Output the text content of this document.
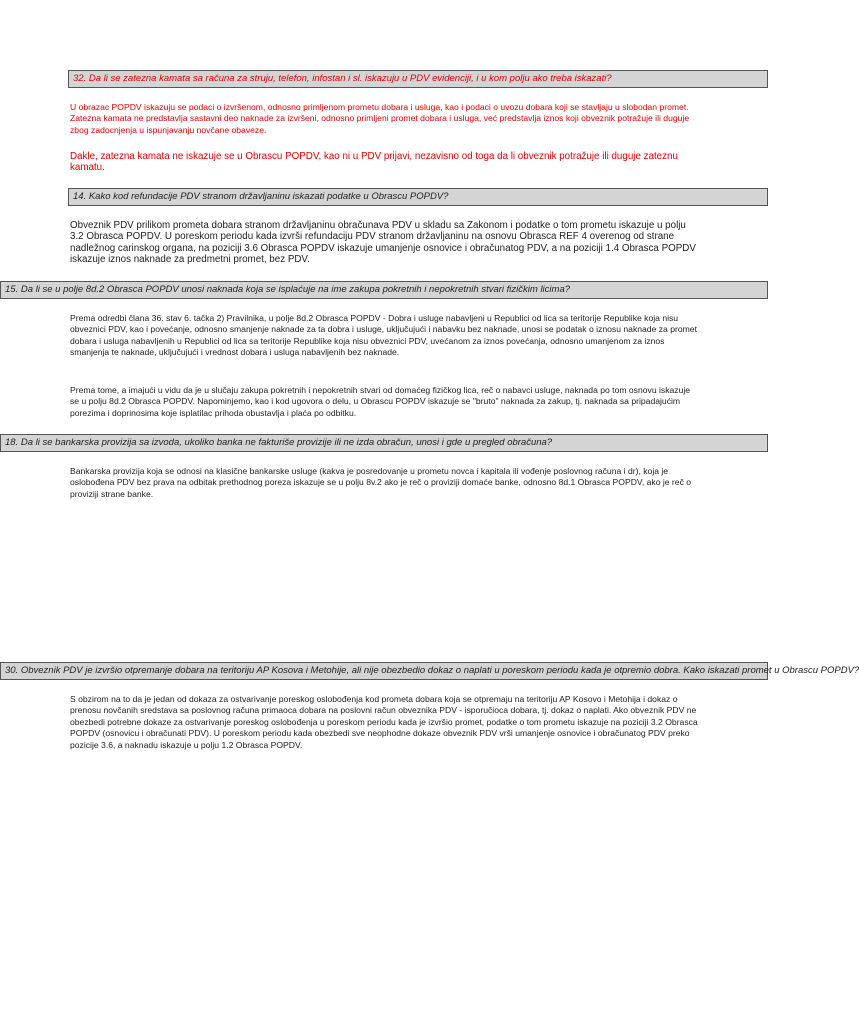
32. Da li se zatezna kamata sa računa za struju, telefon, infostan i sl. iskazuju u PDV evidenciji, i u kom polju ako treba iskazati?

U obrazac POPDV iskazuju se podaci o izvršenom, odnosno primljenom prometu dobara i usluga, kao i podaci o uvozu dobara koji se stavljaju u slobodan promet. Zatezna kamata ne predstavlja sastavni deo naknade za izvršeni, odnosno primljeni promet dobara i usluga, već predstavlja iznos koji obveznik potražuje ili duguje zbog zadocnjenja u ispunjavanju novčane obaveze.

Dakle, zatezna kamata ne iskazuje se u Obrascu POPDV, kao ni u PDV prijavi, nezavisno od toga da li obveznik potražuje ili duguje zateznu kamatu.

14. Kako kod refundacije PDV stranom državljaninu iskazati podatke u Obrascu POPDV?

Obveznik PDV prilikom prometa dobara stranom državljaninu obračunava PDV u skladu sa Zakonom i podatke o tom prometu iskazuje u polju 3.2 Obrasca POPDV. U poreskom periodu kada izvrši refundaciju PDV stranom državljaninu na osnovu Obrasca REF 4 overenog od strane nadležnog carinskog organa, na poziciji 3.6 Obrasca POPDV iskazuje umanjenje osnovice i obračunatog PDV, a na poziciji 1.4 Obrasca POPDV iskazuje iznos naknade za predmetni promet, bez PDV.

15. Da li se u polje 8d.2 Obrasca POPDV unosi naknada koja se isplaćuje na ime zakupa pokretnih i nepokretnih stvari fizičkim licima?

Prema odredbi člana 36. stav 6. tačka 2) Pravilnika, u polje 8d.2 Obrasca POPDV - Dobra i usluge nabavljeni u Republici od lica sa teritorije Republike koja nisu obveznici PDV, kao i povećanje, odnosno smanjenje naknade za ta dobra i usluge, uključujući i nabavku bez naknade, unosi se podatak o iznosu naknade za promet dobara i usluga nabavljenih u Republici od lica sa teritorije Republike koja nisu obveznici PDV, uvećanom za iznos povećanja, odnosno umanjenom za iznos smanjenja te naknade, uključujući i vrednost dobara i usluga nabavljenih bez naknade.

Prema tome, a imajući u vidu da je u slučaju zakupa pokretnih i nepokretnih stvari od domaćeg fizičkog lica, reč o nabavci usluge, naknada po tom osnovu iskazuje se u polju 8d.2 Obrasca POPDV. Napominjemo, kao i kod ugovora o delu, u Obrascu POPDV iskazuje se "bruto" naknada za zakup, tj. naknada sa pripadajućim porezima i doprinosima koje isplatilac prihoda obustavlja i plaća po odbitku.

18. Da li se bankarska provizija sa izvoda, ukoliko banka ne fakturiše provizije ili ne izda obračun, unosi i gde u pregled obračuna?

Bankarska provizija koja se odnosi na klasične bankarske usluge (kakva je posredovanje u prometu novca i kapitala ili vođenje poslovnog računa i dr), koja je oslobođena PDV bez prava na odbitak prethodnog poreza iskazuje se u polju 8v.2 ako je reč o proviziji domaće banke, odnosno 8d.1 Obrasca POPDV, ako je reč o proviziji strane banke.

30. Obveznik PDV je izvršio otpremanje dobara na teritoriju AP Kosova i Metohije, ali nije obezbedio dokaz o naplati u poreskom periodu kada je otpremio dobra. Kako iskazati promet u Obrascu POPDV?

S obzirom na to da je jedan od dokaza za ostvarivanje poreskog oslobođenja kod prometa dobara koja se otpremaju na teritoriju AP Kosovo i Metohija i dokaz o prenosu novčanih sredstava sa poslovnog računa primaoca dobara na poslovni račun obveznika PDV - isporučioca dobara, tj. dokaz o naplati. Ako obveznik PDV ne obezbedi potrebne dokaze za ostvarivanje poreskog oslobođenja u poreskom periodu kada je izvršio promet, podatke o tom prometu iskazuje na poziciji 3.2 Obrasca POPDV (osnovicu i obračunati PDV). U poreskom periodu kada obezbedi sve neophodne dokaze obveznik PDV vrši umanjenje osnovice i obračunatog PDV preko pozicije 3.6, a naknadu iskazuje u polju 1.2 Obrasca POPDV.
